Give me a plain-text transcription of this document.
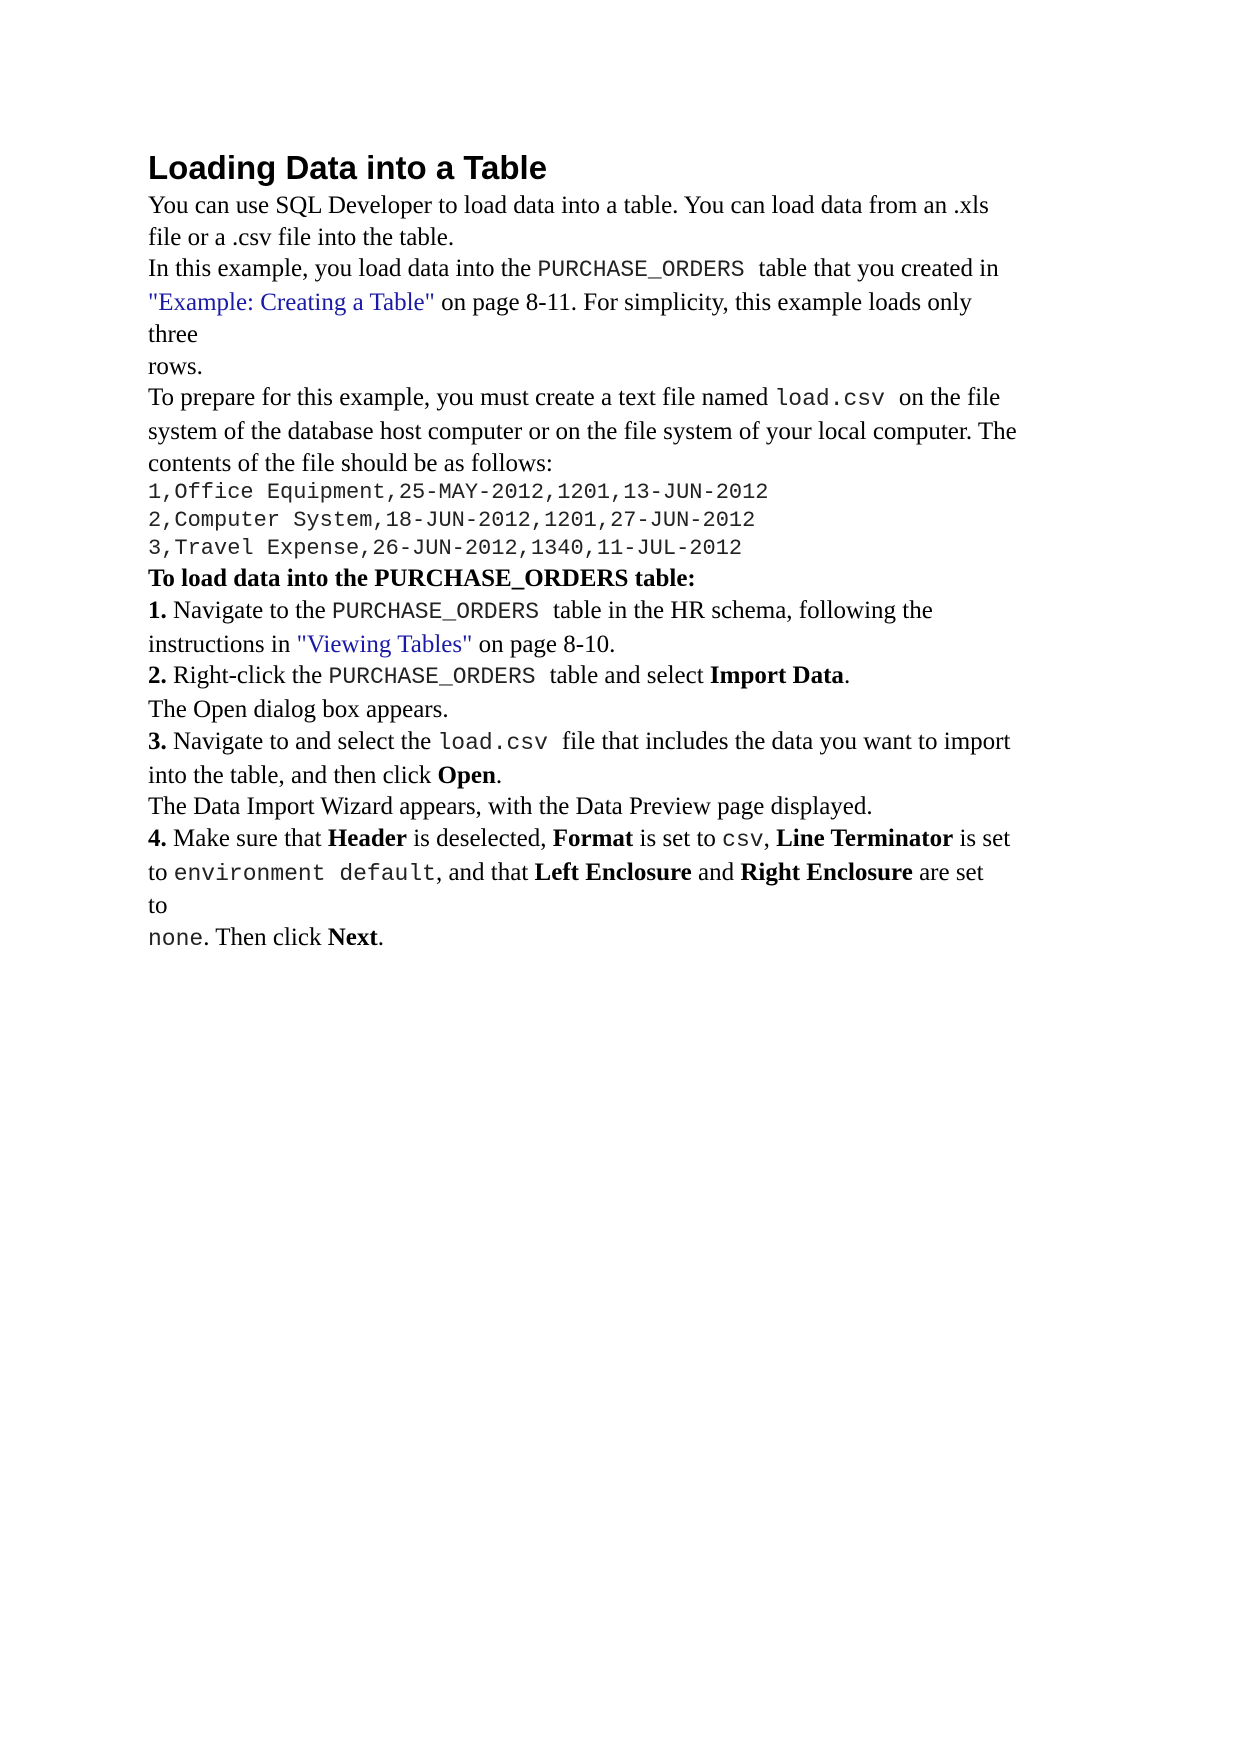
Loading Data into a Table

You can use SQL Developer to load data into a table. You can load data from an .xls

file or a .csv file into the table.

In this example, you load data into the PURCHASE_ORDERS table that you created in

"Example: Creating a Table" on page 8-11. For simplicity, this example loads only

three

rows.

To prepare for this example, you must create a text file named load.csv on the file

system of the database host computer or on the file system of your local computer. The

contents of the file should be as follows:

1,Office Equipment,25-MAY-2012,1201,13-JUN-2012

2,Computer System,18-JUN-2012,1201,27-JUN-2012

3,Travel Expense,26-JUN-2012,1340,11-JUL-2012

To load data into the PURCHASE_ORDERS table:

1. Navigate to the PURCHASE_ORDERS table in the HR schema, following the

instructions in "Viewing Tables" on page 8-10.

2. Right-click the PURCHASE_ORDERS table and select Import Data.

The Open dialog box appears.

3. Navigate to and select the load.csv file that includes the data you want to import

into the table, and then click Open.

The Data Import Wizard appears, with the Data Preview page displayed.

4. Make sure that Header is deselected, Format is set to csv, Line Terminator is set

to environment default, and that Left Enclosure and Right Enclosure are set

to

none. Then click Next.
